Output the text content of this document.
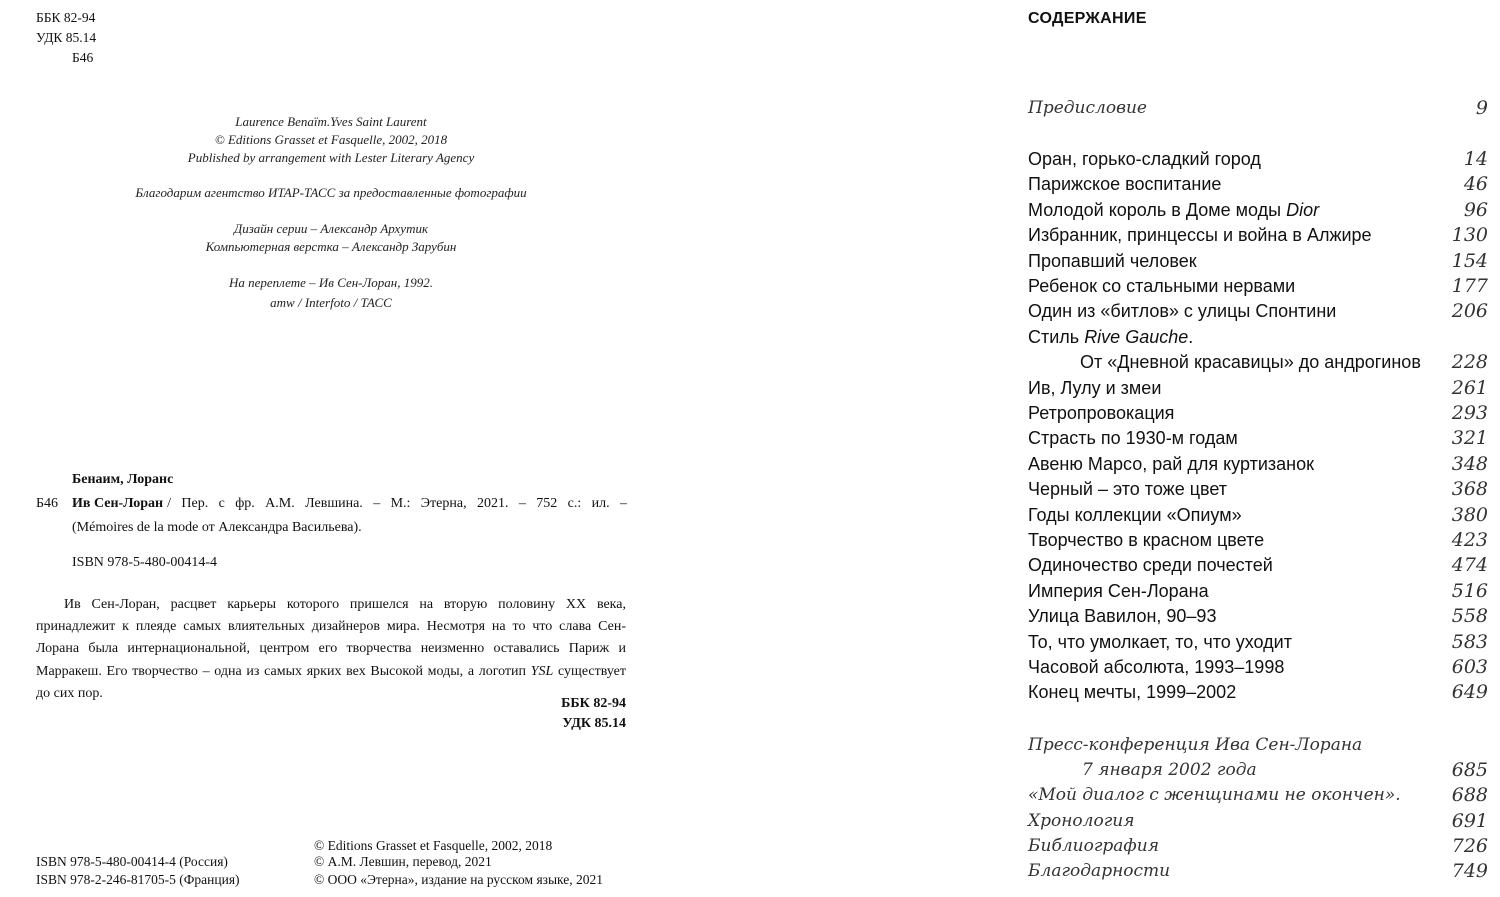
ББК 82-94
УДК 85.14
Б46
Laurence Benaïm.Yves Saint Laurent
© Editions Grasset et Fasquelle, 2002, 2018
Published by arrangement with Lester Literary Agency
Благодарим агентство ИТАР-ТАСС за предоставленные фотографии
Дизайн серии – Александр Архутик
Компьютерная верстка – Александр Зарубин
На переплете – Ив Сен-Лоран, 1992.
amw / Interfoto / ТАСС
Бенаим, Лоранс
Б46 Ив Сен-Лоран / Пер. с фр. А.М. Левшина. – М.: Этерна, 2021. – 752 с.: ил. –
(Mémoires de la mode от Александра Васильева).
ISBN 978-5-480-00414-4

Ив Сен-Лоран, расцвет карьеры которого пришелся на вторую половину XX века, принадлежит к плеяде самых влиятельных дизайнеров мира. Несмотря на то что слава Сен-Лорана была интернациональной, центром его творчества неизменно оставались Париж и Марракеш. Его творчество – одна из самых ярких вех Высокой моды, а логотип YSL существует до сих пор.

ББК 82-94
УДК 85.14
© Editions Grasset et Fasquelle, 2002, 2018
ISBN 978-5-480-00414-4 (Россия)	© А.М. Левшин, перевод, 2021
ISBN 978-2-246-81705-5 (Франция)	© ООО «Этерна», издание на русском языке, 2021
СОДЕРЖАНИЕ
Предисловие	9
Оран, горько-сладкий город	14
Парижское воспитание	46
Молодой король в Доме моды Dior	96
Избранник, принцессы и война в Алжире	130
Пропавший человек	154
Ребенок со стальными нервами	177
Один из «битлов» с улицы Спонтини	206
Стиль Rive Gauche.
От «Дневной красавицы» до андрогинов 228
Ив, Лулу и змеи	261
Ретропровокация	293
Страсть по 1930-м годам	321
Авеню Марсо, рай для куртизанок	348
Черный – это тоже цвет	368
Годы коллекции «Опиум»	380
Творчество в красном цвете	423
Одиночество среди почестей	474
Империя Сен-Лорана	516
Улица Вавилон, 90–93	558
То, что умолкает, то, что уходит	583
Часовой абсолюта, 1993–1998	603
Конец мечты, 1999–2002	649
Пресс-конференция Ива Сен-Лорана
7 января 2002 года	685
«Мой диалог с женщинами не окончен».	688
Хронология	691
Библиография	726
Благодарности	749
